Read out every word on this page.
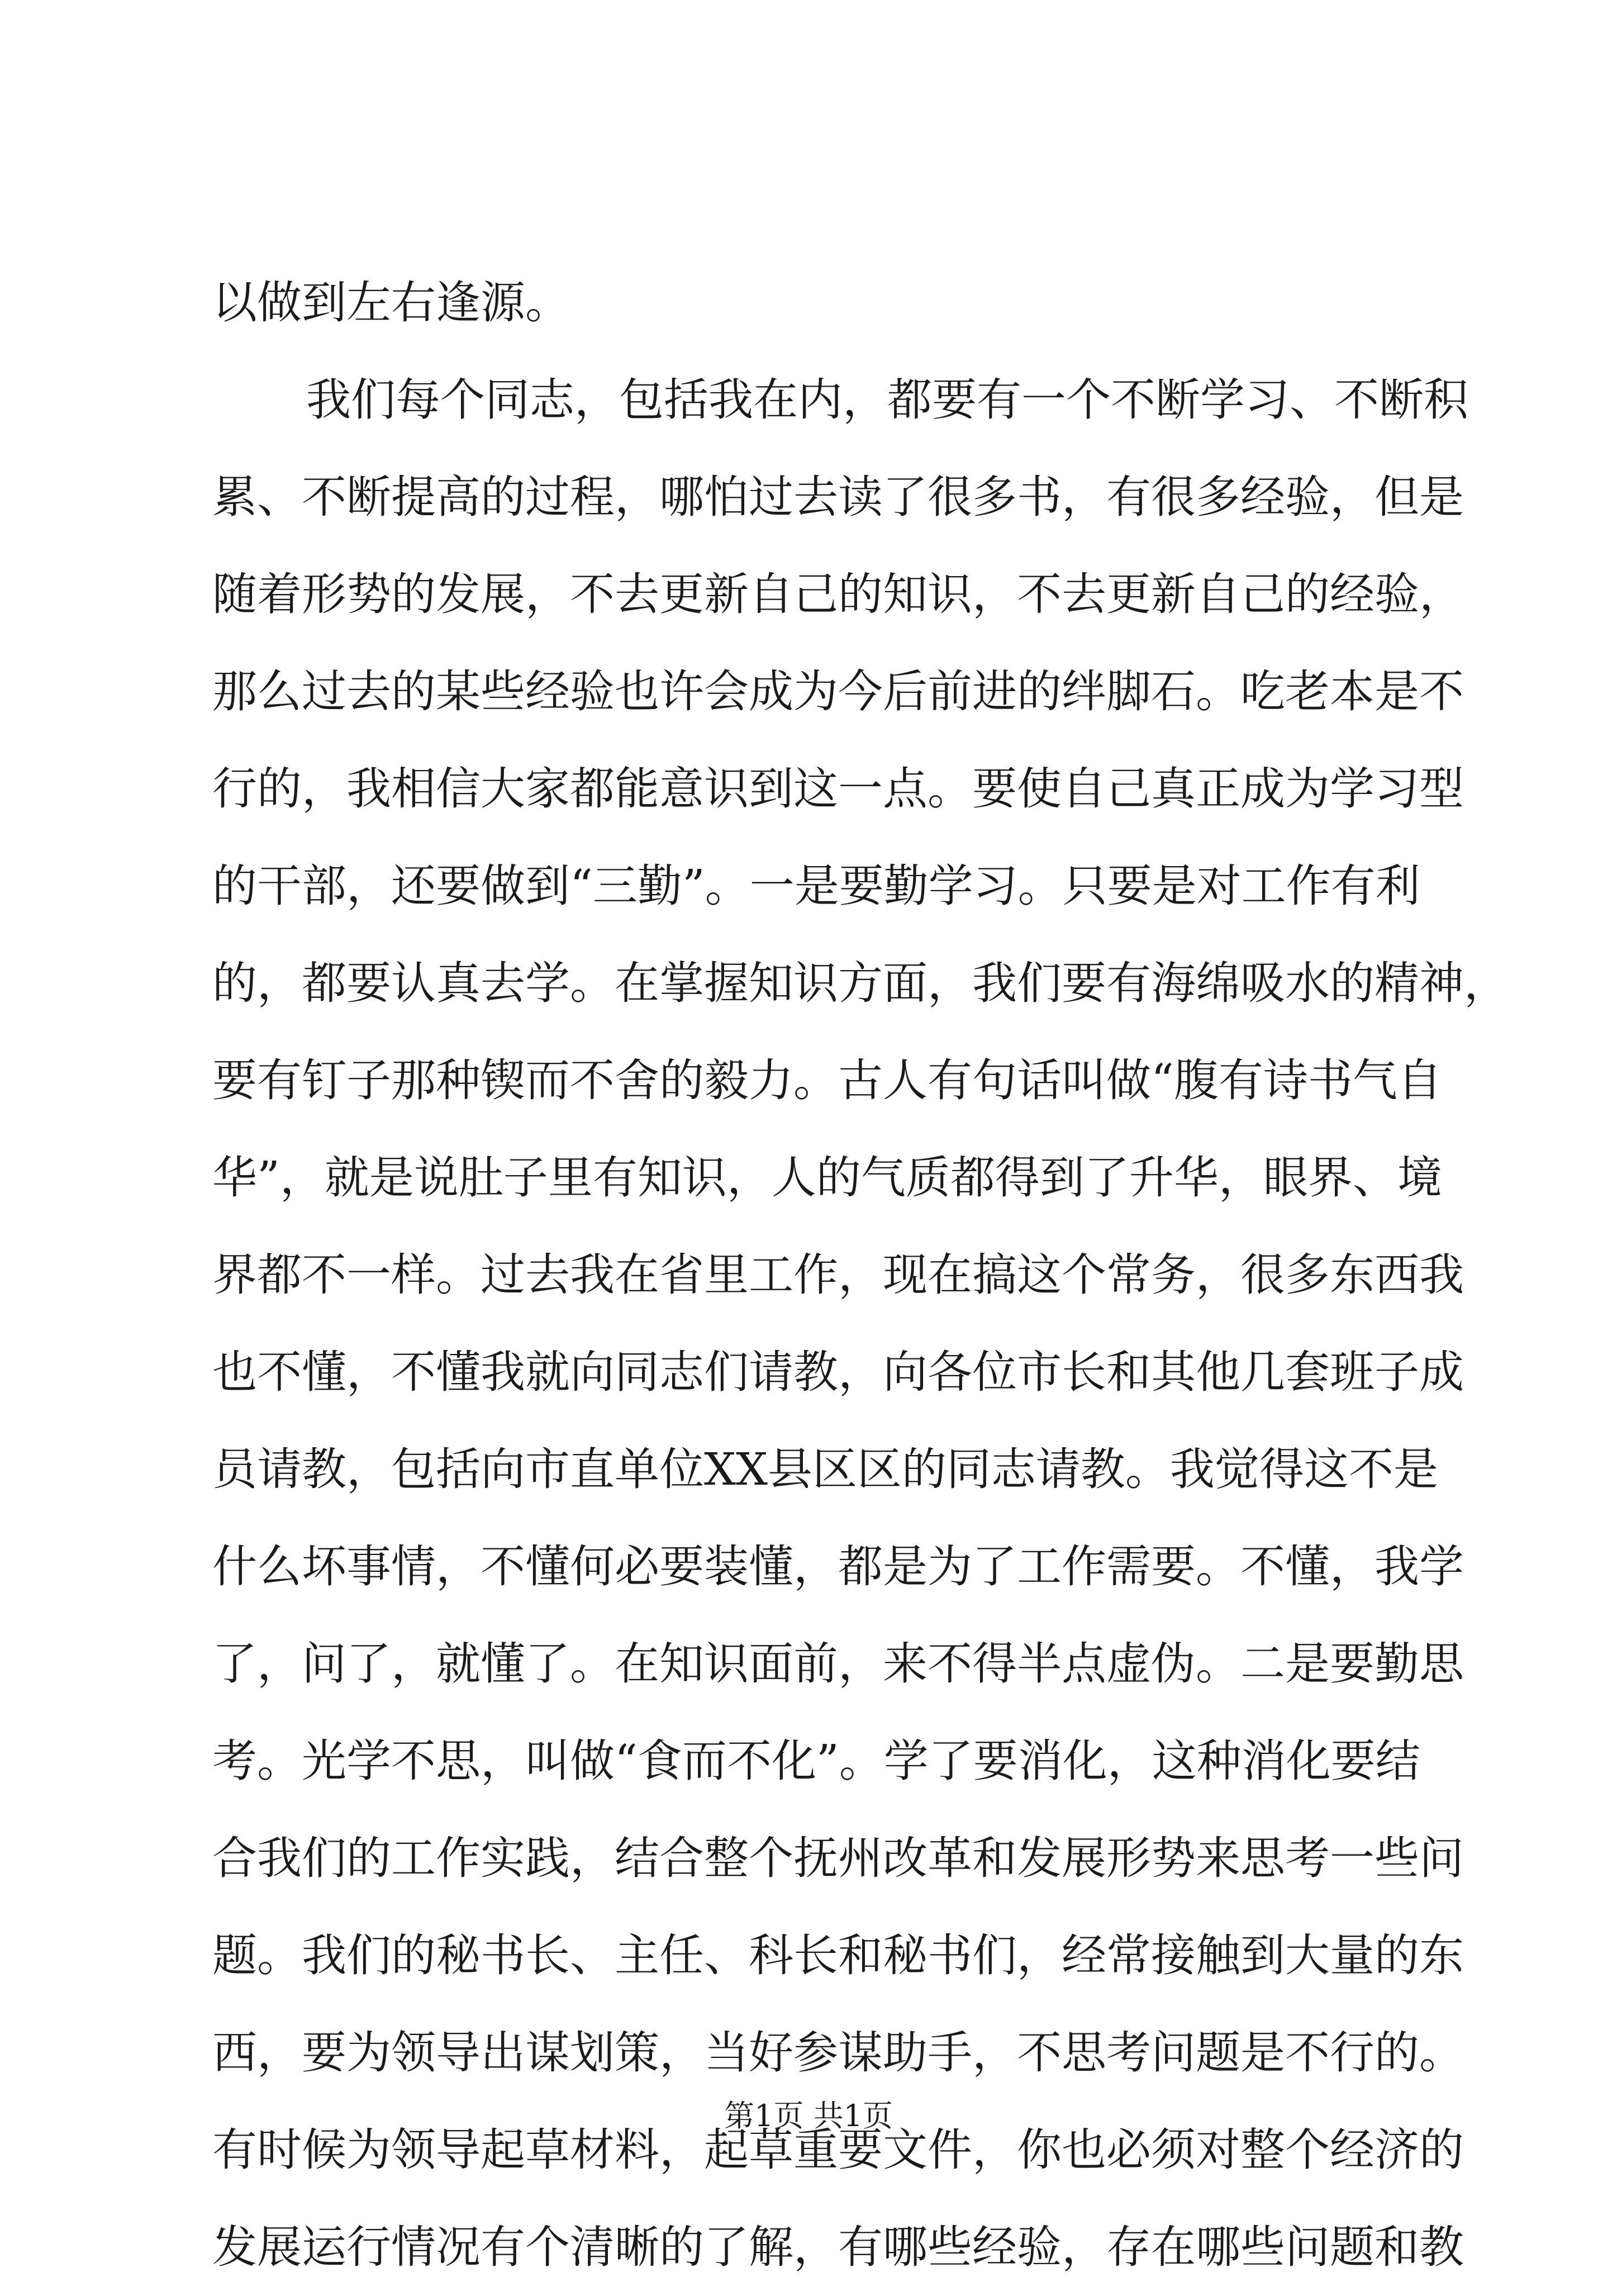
以做到左右逢源。
我们每个同志，包括我在内，都要有一个不断学习、不断积
累、不断提高的过程，哪怕过去读了很多书，有很多经验，但是
随着形势的发展，不去更新自己的知识，不去更新自己的经验，
那么过去的某些经验也许会成为今后前进的绊脚石。吃老本是不
行的，我相信大家都能意识到这一点。要使自己真正成为学习型
的干部，还要做到“三勤”。一是要勤学习。只要是对工作有利
的，都要认真去学。在掌握知识方面，我们要有海绵吸水的精神，
要有钉子那种锲而不舍的毅力。古人有句话叫做“腹有诗书气自
华”，就是说肚子里有知识，人的气质都得到了升华，眼界、境
界都不一样。过去我在省里工作，现在搞这个常务，很多东西我
也不懂，不懂我就向同志们请教，向各位市长和其他几套班子成
员请教，包括向市直单位XX县区区的同志请教。我觉得这不是
什么坏事情，不懂何必要装懂，都是为了工作需要。不懂，我学
了，问了，就懂了。在知识面前，来不得半点虚伪。二是要勤思
考。光学不思，叫做“食而不化”。学了要消化，这种消化要结
合我们的工作实践，结合整个抚州改革和发展形势来思考一些问
题。我们的秘书长、主任、科长和秘书们，经常接触到大量的东
西，要为领导出谋划策，当好参谋助手，不思考问题是不行的。
有时候为领导起草材料，起草重要文件，你也必须对整个经济的
发展运行情况有个清晰的了解，有哪些经验，存在哪些问题和教
第1页 共1页
